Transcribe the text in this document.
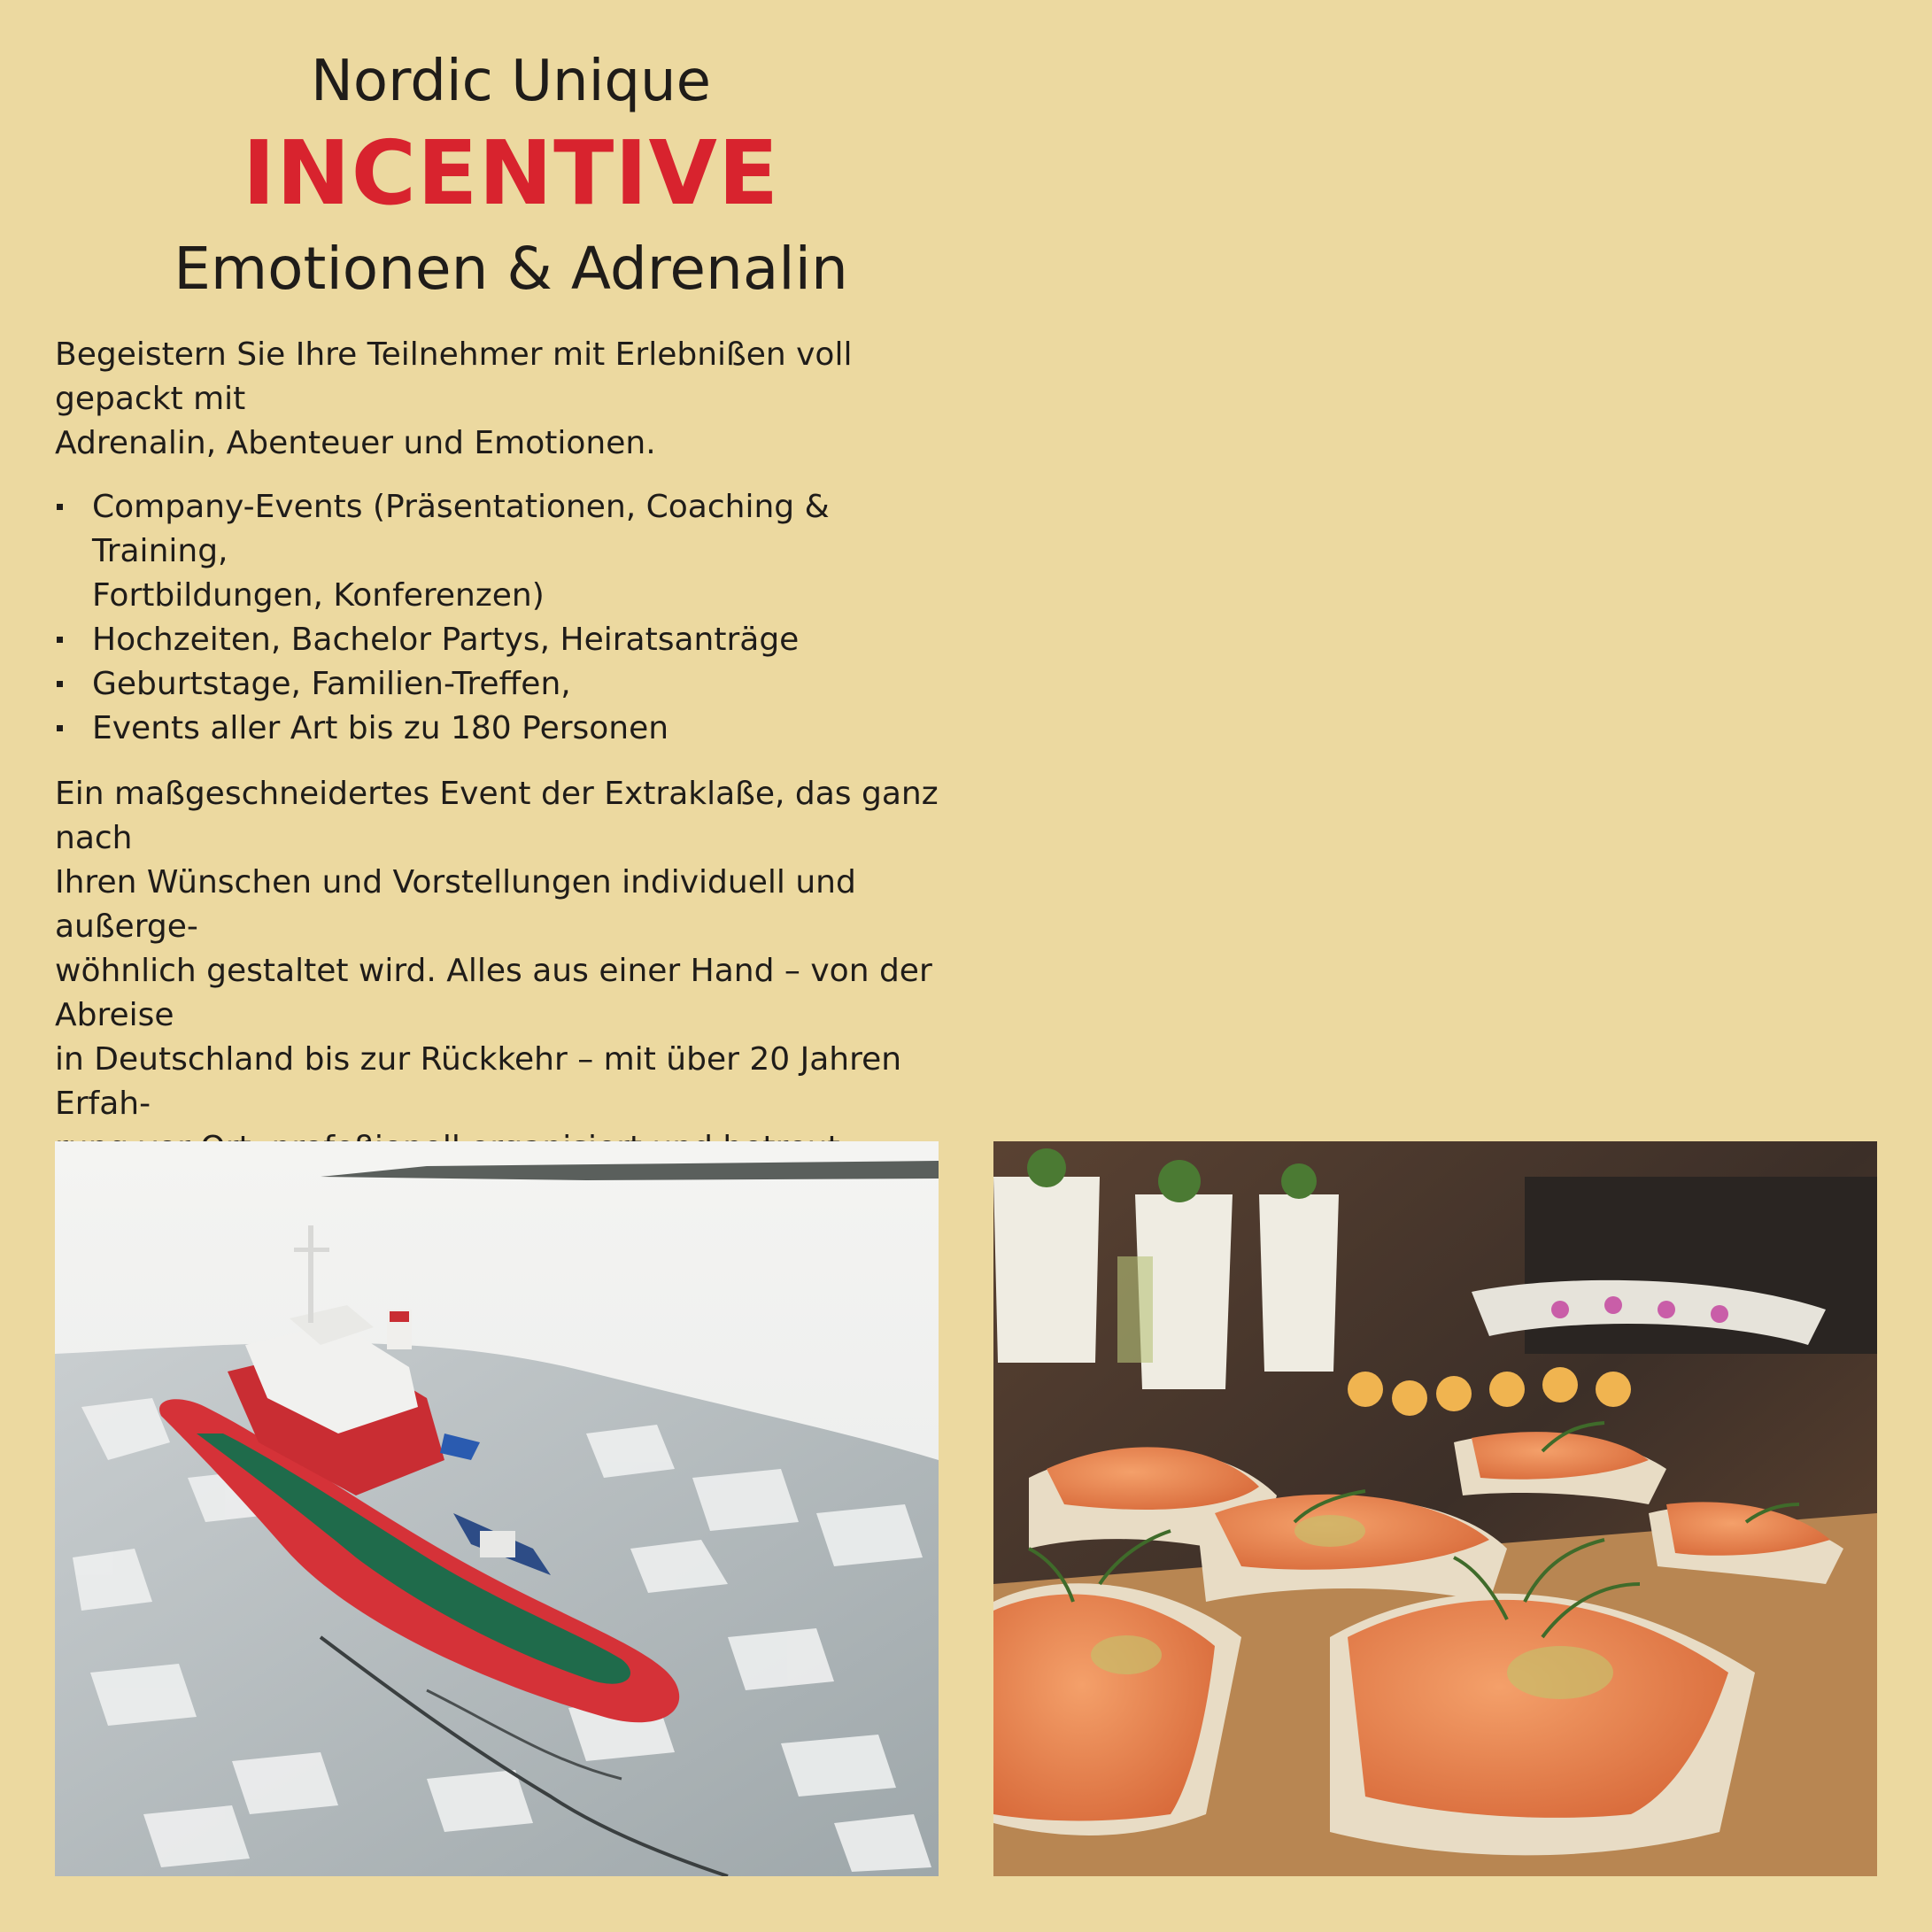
Nordic Unique
INCENTIVE
Emotionen & Adrenalin

Begeistern Sie Ihre Teilnehmer mit Erlebnißen voll gepackt mit
Adrenalin, Abenteuer und Emotionen.

Company-Events (Präsentationen, Coaching & Training,
Fortbildungen, Konferenzen)
Hochzeiten, Bachelor Partys, Heiratsanträge
Geburtstage, Familien-Treffen,
Events aller Art bis zu 180 Personen

Ein maßgeschneidertes Event der Extraklaße, das ganz nach
Ihren Wünschen und Vorstellungen individuell und außerge-
wöhnlich gestaltet wird. Alles aus einer Hand – von der Abreise
in Deutschland bis zur Rückkehr – mit über 20 Jahren Erfah-
